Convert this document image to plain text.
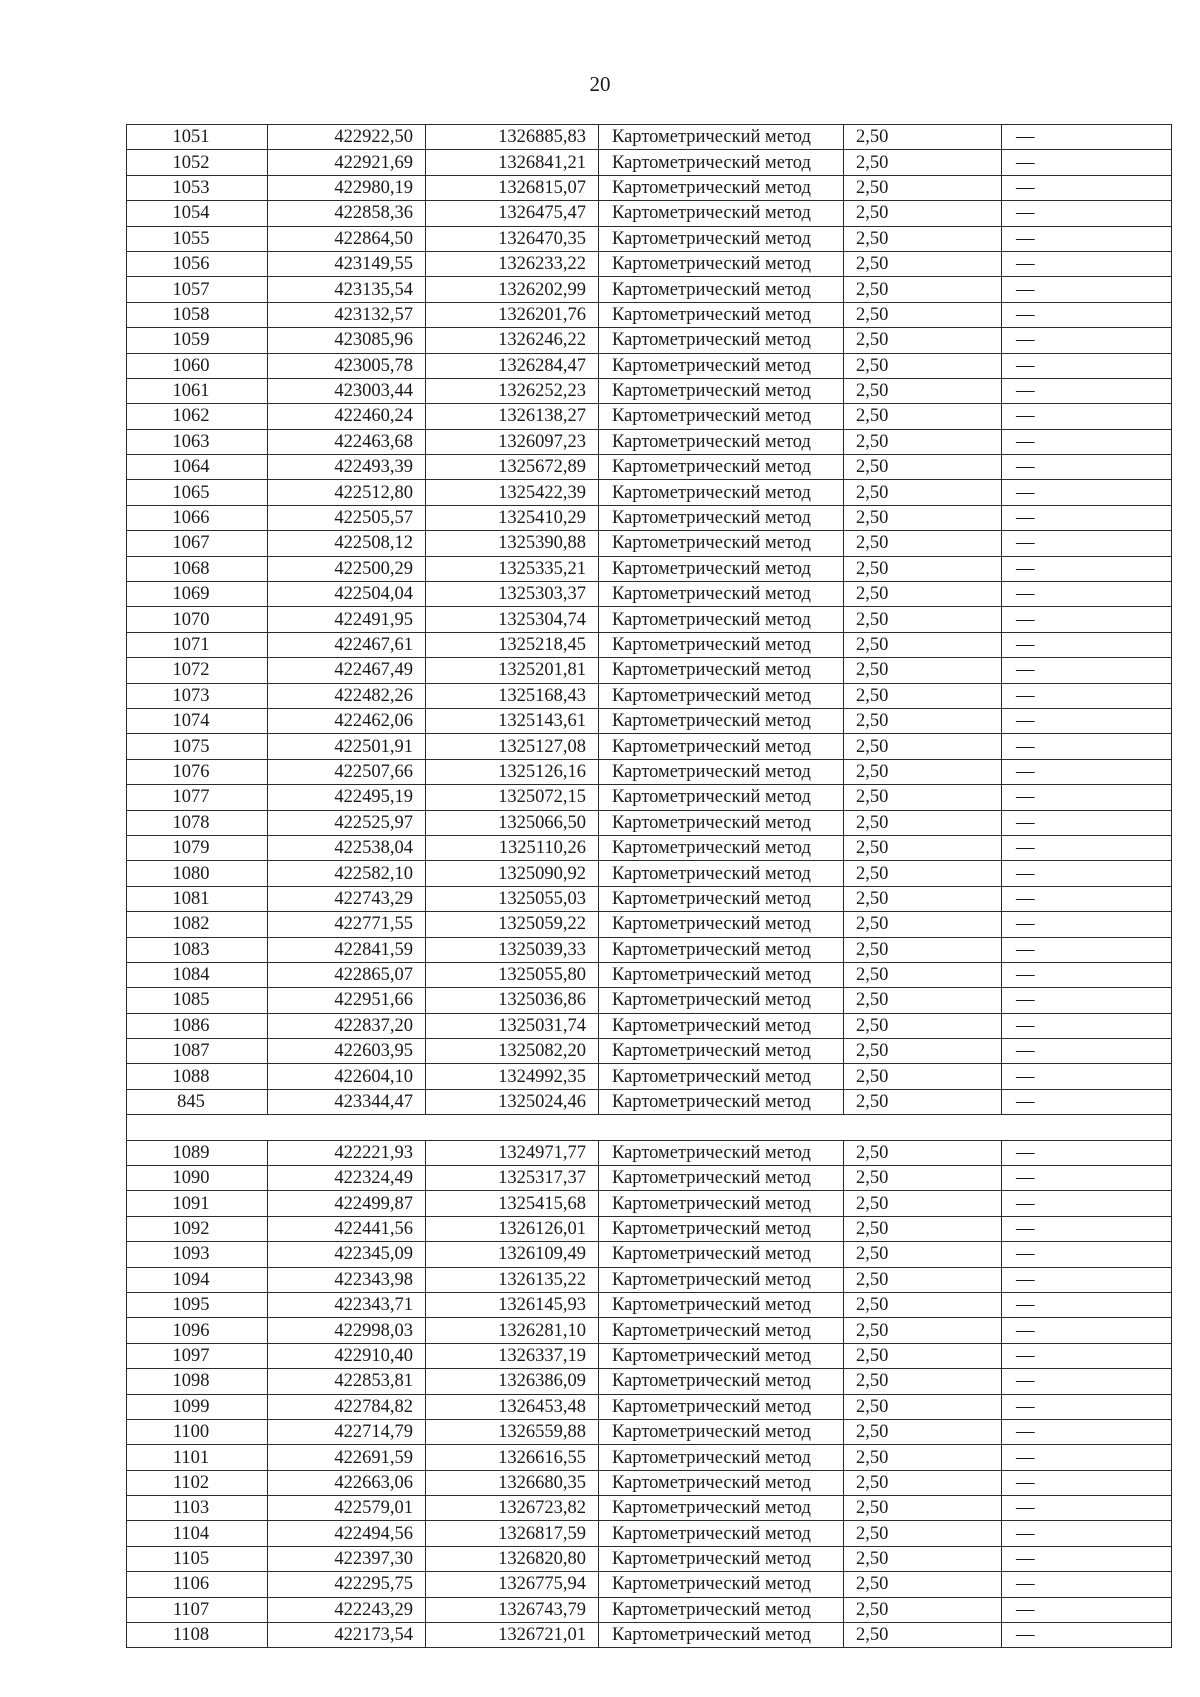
20
1051	422922,50	1326885,83	Картометрический метод	2,50	—
1052	422921,69	1326841,21	Картометрический метод	2,50	—
1053	422980,19	1326815,07	Картометрический метод	2,50	—
1054	422858,36	1326475,47	Картометрический метод	2,50	—
1055	422864,50	1326470,35	Картометрический метод	2,50	—
1056	423149,55	1326233,22	Картометрический метод	2,50	—
1057	423135,54	1326202,99	Картометрический метод	2,50	—
1058	423132,57	1326201,76	Картометрический метод	2,50	—
1059	423085,96	1326246,22	Картометрический метод	2,50	—
1060	423005,78	1326284,47	Картометрический метод	2,50	—
1061	423003,44	1326252,23	Картометрический метод	2,50	—
1062	422460,24	1326138,27	Картометрический метод	2,50	—
1063	422463,68	1326097,23	Картометрический метод	2,50	—
1064	422493,39	1325672,89	Картометрический метод	2,50	—
1065	422512,80	1325422,39	Картометрический метод	2,50	—
1066	422505,57	1325410,29	Картометрический метод	2,50	—
1067	422508,12	1325390,88	Картометрический метод	2,50	—
1068	422500,29	1325335,21	Картометрический метод	2,50	—
1069	422504,04	1325303,37	Картометрический метод	2,50	—
1070	422491,95	1325304,74	Картометрический метод	2,50	—
1071	422467,61	1325218,45	Картометрический метод	2,50	—
1072	422467,49	1325201,81	Картометрический метод	2,50	—
1073	422482,26	1325168,43	Картометрический метод	2,50	—
1074	422462,06	1325143,61	Картометрический метод	2,50	—
1075	422501,91	1325127,08	Картометрический метод	2,50	—
1076	422507,66	1325126,16	Картометрический метод	2,50	—
1077	422495,19	1325072,15	Картометрический метод	2,50	—
1078	422525,97	1325066,50	Картометрический метод	2,50	—
1079	422538,04	1325110,26	Картометрический метод	2,50	—
1080	422582,10	1325090,92	Картометрический метод	2,50	—
1081	422743,29	1325055,03	Картометрический метод	2,50	—
1082	422771,55	1325059,22	Картометрический метод	2,50	—
1083	422841,59	1325039,33	Картометрический метод	2,50	—
1084	422865,07	1325055,80	Картометрический метод	2,50	—
1085	422951,66	1325036,86	Картометрический метод	2,50	—
1086	422837,20	1325031,74	Картометрический метод	2,50	—
1087	422603,95	1325082,20	Картометрический метод	2,50	—
1088	422604,10	1324992,35	Картометрический метод	2,50	—
845	423344,47	1325024,46	Картометрический метод	2,50	—

1089	422221,93	1324971,77	Картометрический метод	2,50	—
1090	422324,49	1325317,37	Картометрический метод	2,50	—
1091	422499,87	1325415,68	Картометрический метод	2,50	—
1092	422441,56	1326126,01	Картометрический метод	2,50	—
1093	422345,09	1326109,49	Картометрический метод	2,50	—
1094	422343,98	1326135,22	Картометрический метод	2,50	—
1095	422343,71	1326145,93	Картометрический метод	2,50	—
1096	422998,03	1326281,10	Картометрический метод	2,50	—
1097	422910,40	1326337,19	Картометрический метод	2,50	—
1098	422853,81	1326386,09	Картометрический метод	2,50	—
1099	422784,82	1326453,48	Картометрический метод	2,50	—
1100	422714,79	1326559,88	Картометрический метод	2,50	—
1101	422691,59	1326616,55	Картометрический метод	2,50	—
1102	422663,06	1326680,35	Картометрический метод	2,50	—
1103	422579,01	1326723,82	Картометрический метод	2,50	—
1104	422494,56	1326817,59	Картометрический метод	2,50	—
1105	422397,30	1326820,80	Картометрический метод	2,50	—
1106	422295,75	1326775,94	Картометрический метод	2,50	—
1107	422243,29	1326743,79	Картометрический метод	2,50	—
1108	422173,54	1326721,01	Картометрический метод	2,50	—
